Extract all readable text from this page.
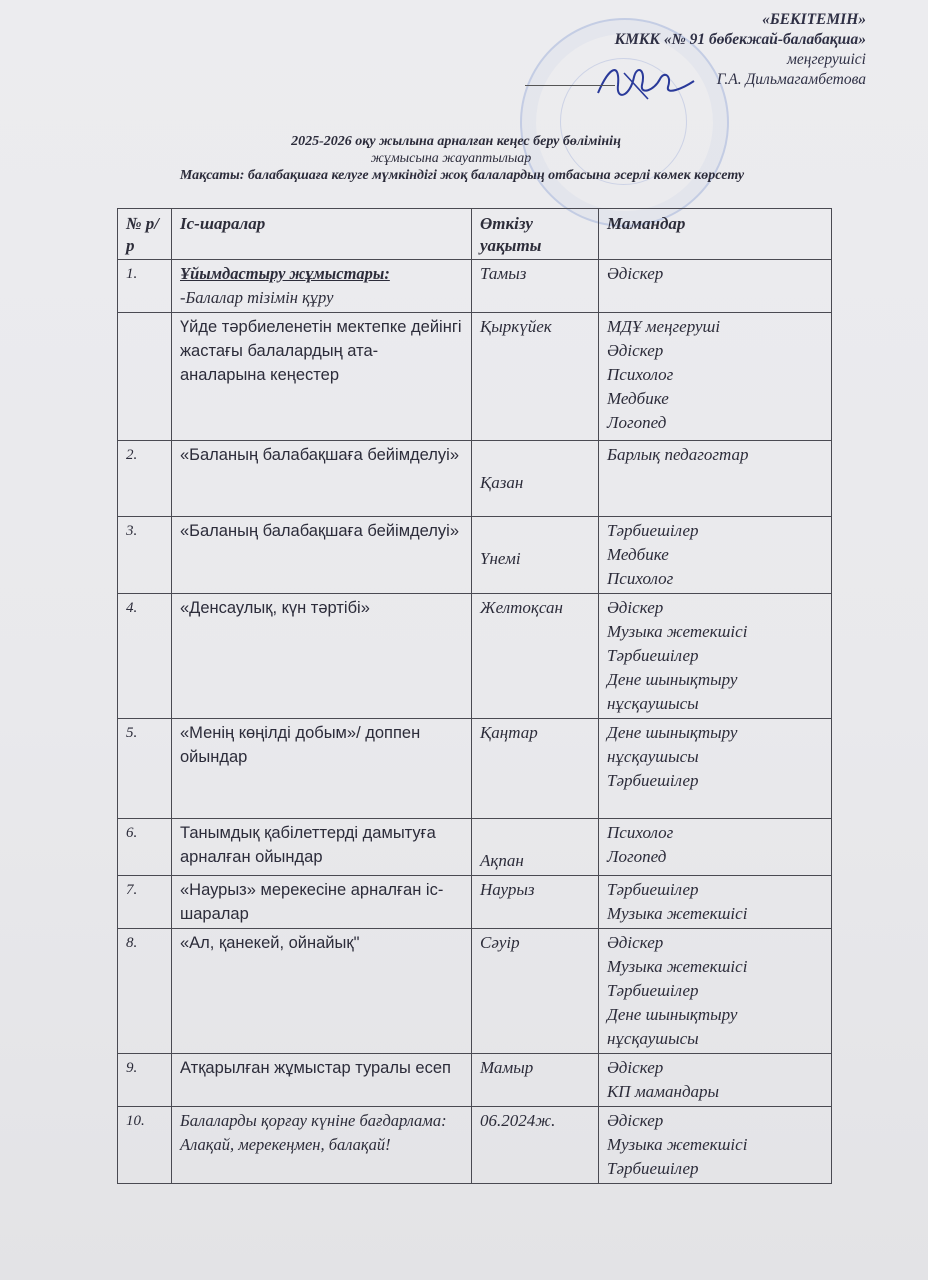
«БЕКІТЕМІН»
КМКК «№ 91 бөбекжай-балабақша»
меңгерушісі
Г.А. Дильмагамбетова
2025-2026 оқу жылына арналған кеңес беру бөлімінің
жұмысына жауаптылыар
Мақсаты: балабақшаға келуге мүмкіндігі жоқ балалардың отбасына әсерлі көмек көрсету
№ р/р	Іс-шаралар	Өткізу уақыты	Мамандар
1.	Ұйымдастыру жұмыстары:
-Балалар тізімін құру	Тамыз	Әдіскер

	Үйде тәрбиеленетін мектепке дейінгі жастағы балалардың ата-аналарына кеңестер	Қыркүйек	МДҰ меңгеруші
Әдіскер
Психолог
Медбике
Логопед

2.	«Баланың балабақшаға бейімделуі»	Қазан	Барлық педагогтар

3.	«Баланың балабақшаға бейімделуі»	Үнемі	Тәрбиешілер
Медбике
Психолог

4.	«Денсаулық, күн тәртібі»	Желтоқсан	Әдіскер
Музыка жетекшісі
Тәрбиешілер
Дене шынықтыру нұсқаушысы

5.	«Менің көңілді добым»/ доппен ойындар	Қаңтар	Дене шынықтыру нұсқаушысы
Тәрбиешілер

6.	Танымдық қабілеттерді дамытуға арналған ойындар	Ақпан	Психолог
Логопед

7.	«Наурыз» мерекесіне арналған іс-шаралар	Наурыз	Тәрбиешілер
Музыка жетекшісі

8.	«Ал, қанекей, ойнайық"	Сәуір	Әдіскер
Музыка жетекшісі
Тәрбиешілер
Дене шынықтыру нұсқаушысы

9.	Атқарылған жұмыстар туралы есеп	Мамыр	Әдіскер
КП мамандары

10.	Балаларды қорғау күніне бағдарлама:
Алақай, мерекеңмен, балақай!	06.2024ж.	Әдіскер
Музыка жетекшісі
Тәрбиешілер
